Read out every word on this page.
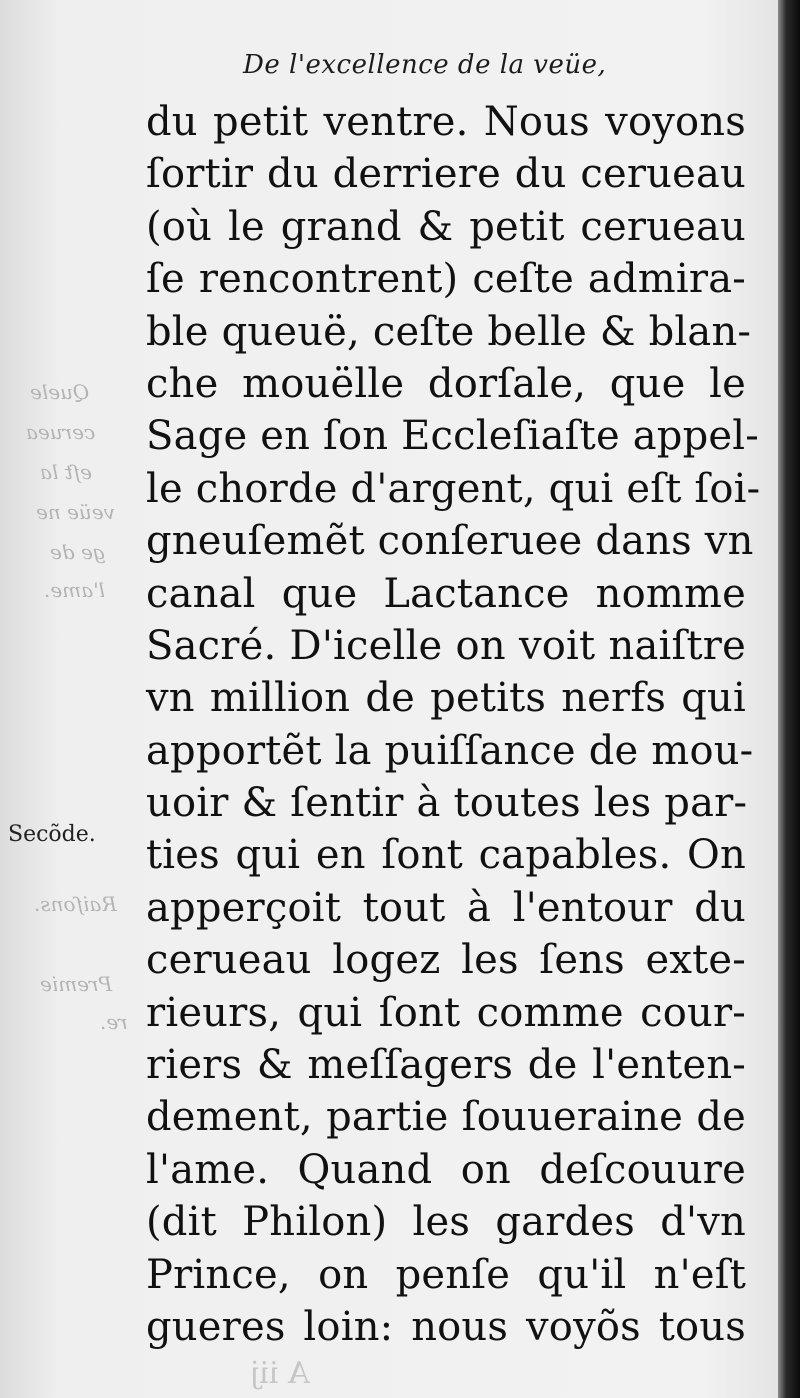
Quele
ceruea
eſt la
veüe ne
ge de
l'ame.
Raiſons.
Premie
re.
De l'excellence de la veüe,
du petit ventre. Nous voyons
ſortir du derriere du cerueau
(où le grand & petit cerueau
ſe rencontrent) ceſte admira-
ble queuë, ceſte belle & blan-
che mouëlle dorſale, que le
Sage en ſon Eccleſiaſte appel-
le chorde d'argent, qui eſt ſoi-
gneuſemẽt conſeruee dans vn
canal que Lactance nomme
Sacré. D'icelle on voit naiſtre
vn million de petits nerfs qui
apportẽt la puiſſance de mou-
uoir & ſentir à toutes les par-
ties qui en ſont capables. On
apperçoit tout à l'entour du
cerueau logez les ſens exte-
rieurs, qui ſont comme cour-
riers & meſſagers de l'enten-
dement, partie ſouueraine de
l'ame. Quand on deſcouure
(dit Philon) les gardes d'vn
Prince, on penſe qu'il n'eſt
gueres loin: nous voyõs tous
Secõde.
A iij
